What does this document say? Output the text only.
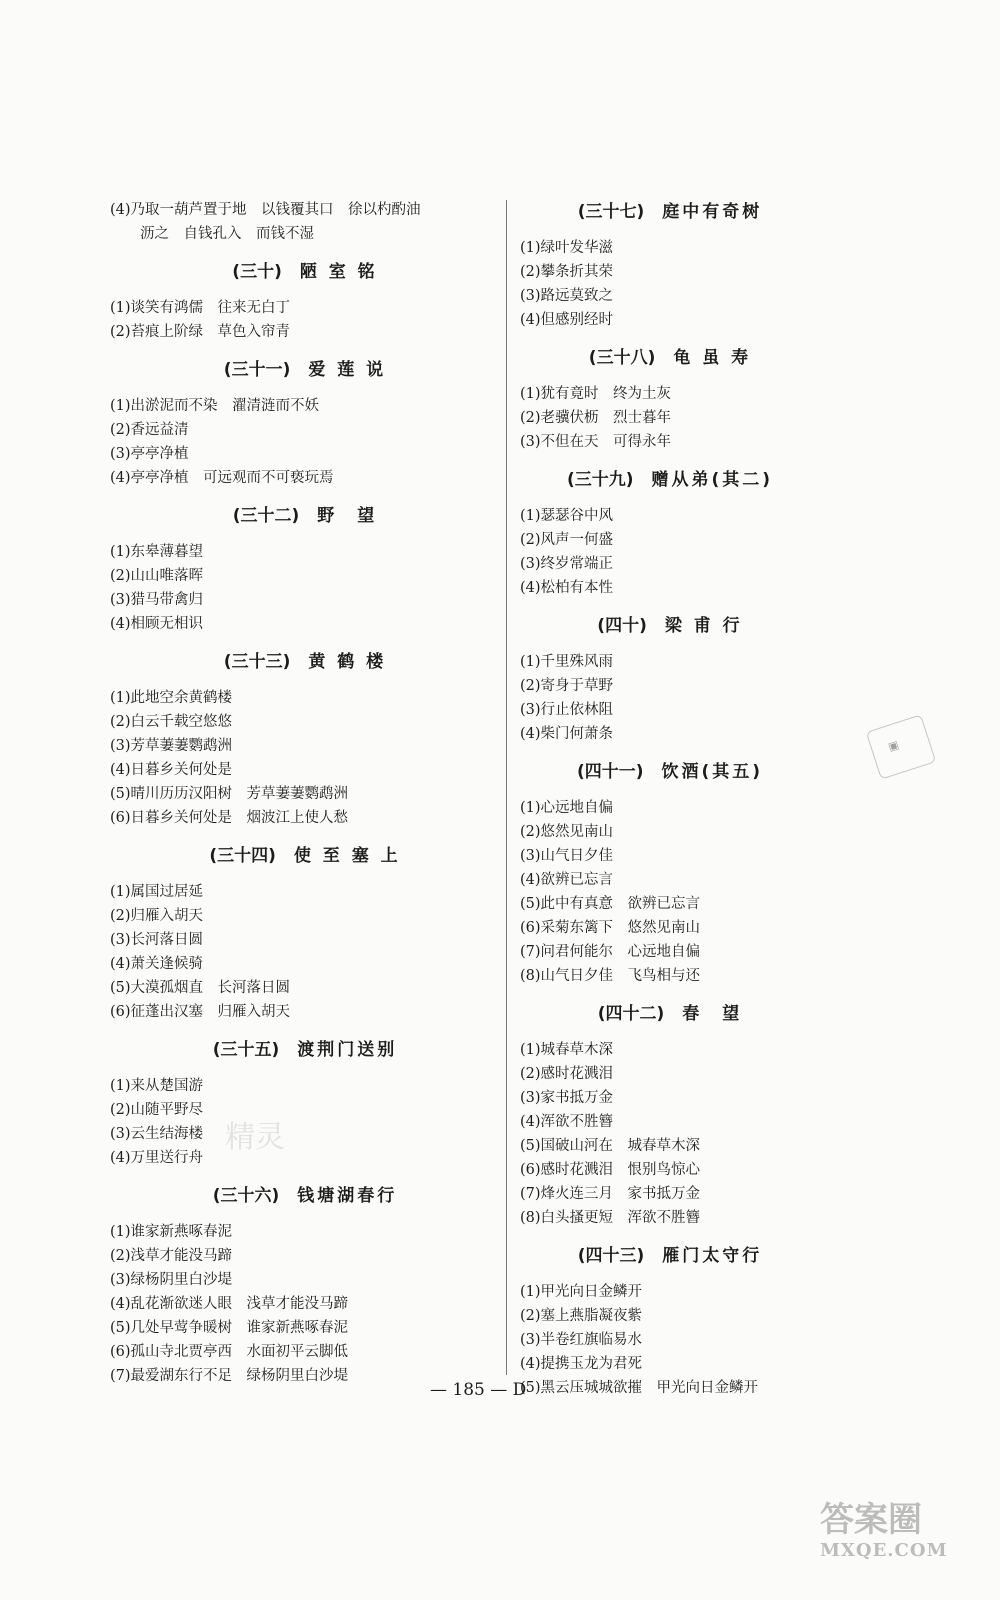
(4)乃取一葫芦置于地　以钱覆其口　徐以杓酌油
沥之　自钱孔入　而钱不湿
(三十) 陋 室 铭
(1)谈笑有鸿儒　往来无白丁
(2)苔痕上阶绿　草色入帘青
(三十一) 爱 莲 说
(1)出淤泥而不染　濯清涟而不妖
(2)香远益清
(3)亭亭净植
(4)亭亭净植　可远观而不可亵玩焉
(三十二) 野　望
(1)东皋薄暮望
(2)山山唯落晖
(3)猎马带禽归
(4)相顾无相识
(三十三) 黄 鹤 楼
(1)此地空余黄鹤楼
(2)白云千载空悠悠
(3)芳草萋萋鹦鹉洲
(4)日暮乡关何处是
(5)晴川历历汉阳树　芳草萋萋鹦鹉洲
(6)日暮乡关何处是　烟波江上使人愁
(三十四) 使 至 塞 上
(1)属国过居延
(2)归雁入胡天
(3)长河落日圆
(4)萧关逢候骑
(5)大漠孤烟直　长河落日圆
(6)征蓬出汉塞　归雁入胡天
(三十五) 渡荆门送别
(1)来从楚国游
(2)山随平野尽
(3)云生结海楼
(4)万里送行舟
(三十六) 钱塘湖春行
(1)谁家新燕啄春泥
(2)浅草才能没马蹄
(3)绿杨阴里白沙堤
(4)乱花渐欲迷人眼　浅草才能没马蹄
(5)几处早莺争暖树　谁家新燕啄春泥
(6)孤山寺北贾亭西　水面初平云脚低
(7)最爱湖东行不足　绿杨阴里白沙堤
(三十七) 庭中有奇树
(1)绿叶发华滋
(2)攀条折其荣
(3)路远莫致之
(4)但感别经时
(三十八) 龟 虽 寿
(1)犹有竟时　终为土灰
(2)老骥伏枥　烈士暮年
(3)不但在天　可得永年
(三十九) 赠从弟(其二)
(1)瑟瑟谷中风
(2)风声一何盛
(3)终岁常端正
(4)松柏有本性
(四十) 梁 甫 行
(1)千里殊风雨
(2)寄身于草野
(3)行止依林阻
(4)柴门何萧条
(四十一) 饮酒(其五)
(1)心远地自偏
(2)悠然见南山
(3)山气日夕佳
(4)欲辨已忘言
(5)此中有真意　欲辨已忘言
(6)采菊东篱下　悠然见南山
(7)问君何能尔　心远地自偏
(8)山气日夕佳　飞鸟相与还
(四十二) 春　望
(1)城春草木深
(2)感时花溅泪
(3)家书抵万金
(4)浑欲不胜簪
(5)国破山河在　城春草木深
(6)感时花溅泪　恨别鸟惊心
(7)烽火连三月　家书抵万金
(8)白头搔更短　浑欲不胜簪
(四十三) 雁门太守行
(1)甲光向日金鳞开
(2)塞上燕脂凝夜紫
(3)半卷红旗临易水
(4)提携玉龙为君死
(5)黑云压城城欲摧　甲光向日金鳞开
▣
精灵
— 185 — D
答案圈
MXQE.COM
